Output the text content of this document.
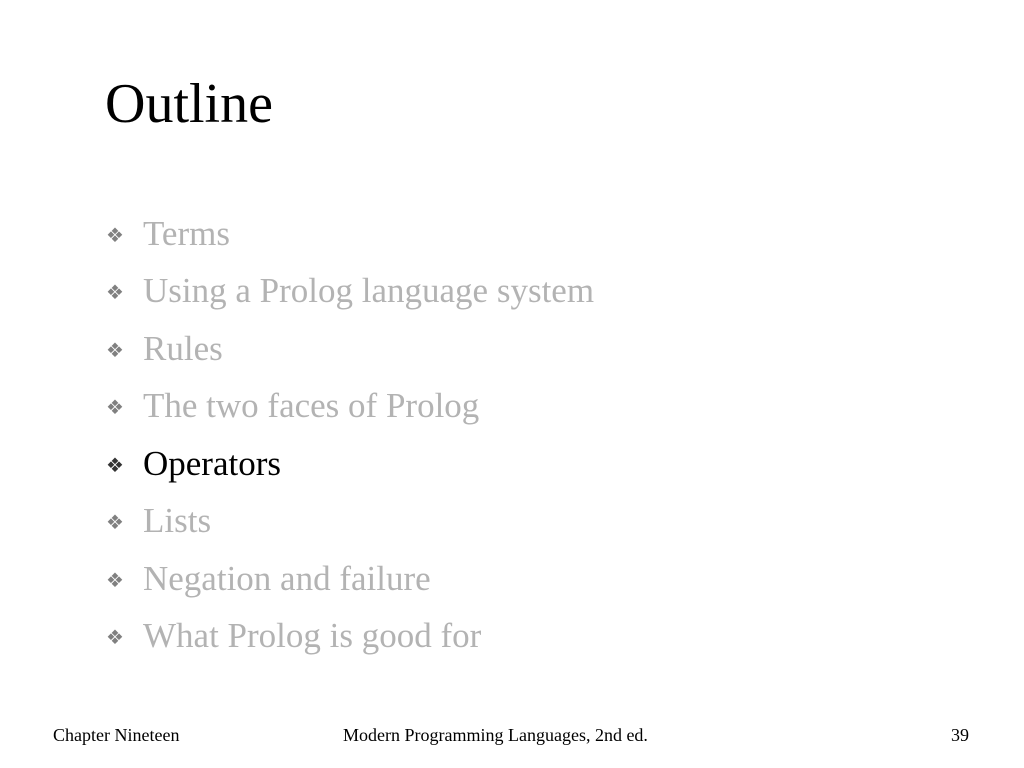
Outline
❖ Terms
❖ Using a Prolog language system
❖ Rules
❖ The two faces of Prolog
❖ Operators
❖ Lists
❖ Negation and failure
❖ What Prolog is good for
Chapter Nineteen	Modern Programming Languages, 2nd ed.	39
